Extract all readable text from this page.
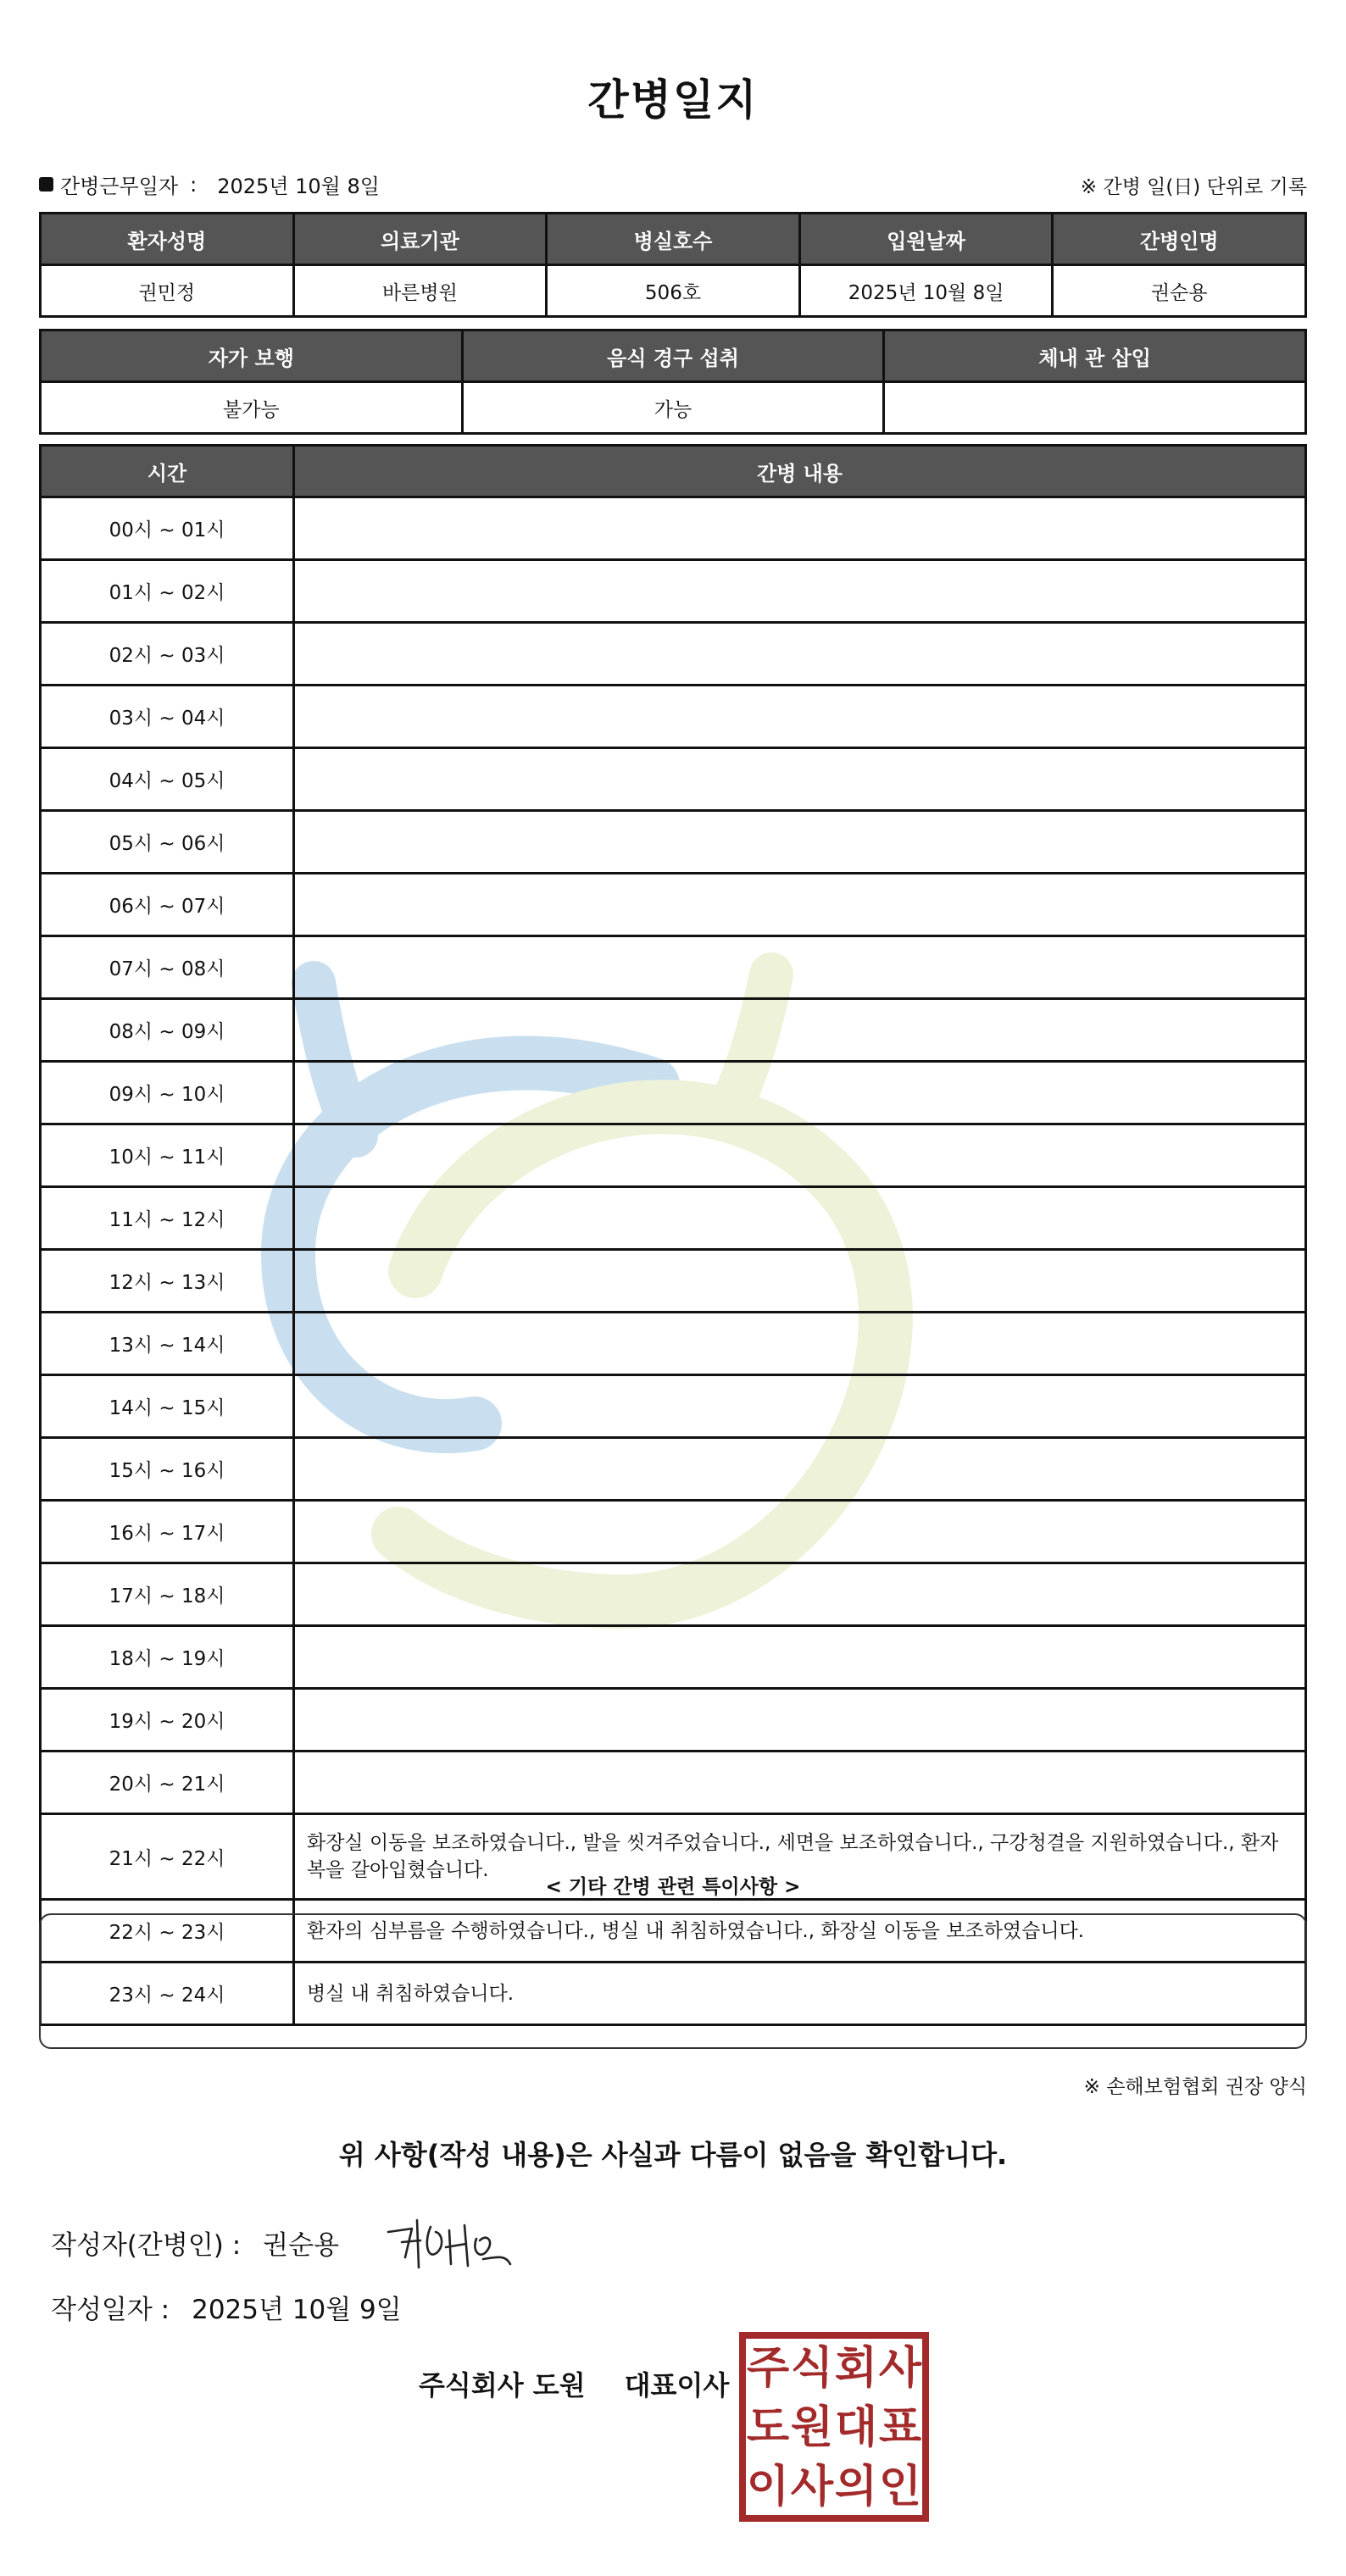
간병일지
간병근무일자 : 2025년 10월 8일	※ 간병 일(日) 단위로 기록
환자성명	의료기관	병실호수	입원날짜	간병인명
권민정	바른병원	506호	2025년 10월 8일	권순용
자가 보행	음식 경구 섭취	체내 관 삽입
불가능	가능	
시간	간병 내용
00시 ~ 01시	
01시 ~ 02시	
02시 ~ 03시	
03시 ~ 04시	
04시 ~ 05시	
05시 ~ 06시	
06시 ~ 07시	
07시 ~ 08시	
08시 ~ 09시	
09시 ~ 10시	
10시 ~ 11시	
11시 ~ 12시	
12시 ~ 13시	
13시 ~ 14시	
14시 ~ 15시	
15시 ~ 16시	
16시 ~ 17시	
17시 ~ 18시	
18시 ~ 19시	
19시 ~ 20시	
20시 ~ 21시	
21시 ~ 22시	화장실 이동을 보조하였습니다., 발을 씻겨주었습니다., 세면을 보조하였습니다., 구강청결을 지원하였습니다., 환자복을 갈아입혔습니다.
22시 ~ 23시	환자의 심부름을 수행하였습니다., 병실 내 취침하였습니다., 화장실 이동을 보조하였습니다.
23시 ~ 24시	병실 내 취침하였습니다.
< 기타 간병 관련 특이사항 >
※ 손해보험협회 권장 양식
위 사항(작성 내용)은 사실과 다름이 없음을 확인합니다.
작성자(간병인) : 권순용
작성일자 : 2025년 10월 9일
주식회사 도원 대표이사 주 식 회 사
도 원 대 표
이 사 의 인
